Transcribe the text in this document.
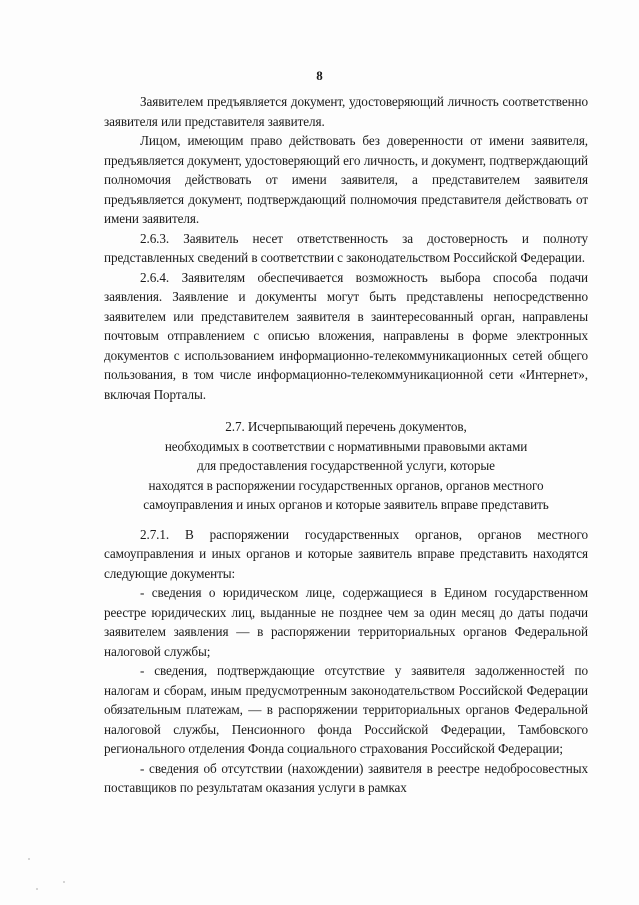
8

Заявителем предъявляется документ, удостоверяющий личность соответственно заявителя или представителя заявителя.

Лицом, имеющим право действовать без доверенности от имени заявителя, предъявляется документ, удостоверяющий его личность, и документ, подтверждающий полномочия действовать от имени заявителя, а представителем заявителя предъявляется документ, подтверждающий полномочия представителя действовать от имени заявителя.

2.6.3. Заявитель несет ответственность за достоверность и полноту представленных сведений в соответствии с законодательством Российской Федерации.

2.6.4. Заявителям обеспечивается возможность выбора способа подачи заявления. Заявление и документы могут быть представлены непосредственно заявителем или представителем заявителя в заинтересованный орган, направлены почтовым отправлением с описью вложения, направлены в форме электронных документов с использованием информационно-телекоммуникационных сетей общего пользования, в том числе информационно-телекоммуникационной сети «Интернет», включая Порталы.

2.7. Исчерпывающий перечень документов,
необходимых в соответствии с нормативными правовыми актами
для предоставления государственной услуги, которые
находятся в распоряжении государственных органов, органов местного
самоуправления и иных органов и которые заявитель вправе представить

2.7.1. В распоряжении государственных органов, органов местного самоуправления и иных органов и которые заявитель вправе представить находятся следующие документы:

- сведения о юридическом лице, содержащиеся в Едином государственном реестре юридических лиц, выданные не позднее чем за один месяц до даты подачи заявителем заявления — в распоряжении территориальных органов Федеральной налоговой службы;

- сведения, подтверждающие отсутствие у заявителя задолженностей по налогам и сборам, иным предусмотренным законодательством Российской Федерации обязательным платежам, — в распоряжении территориальных органов Федеральной налоговой службы, Пенсионного фонда Российской Федерации, Тамбовского регионального отделения Фонда социального страхования Российской Федерации;

- сведения об отсутствии (нахождении) заявителя в реестре недобросовестных поставщиков по результатам оказания услуги в рамках
